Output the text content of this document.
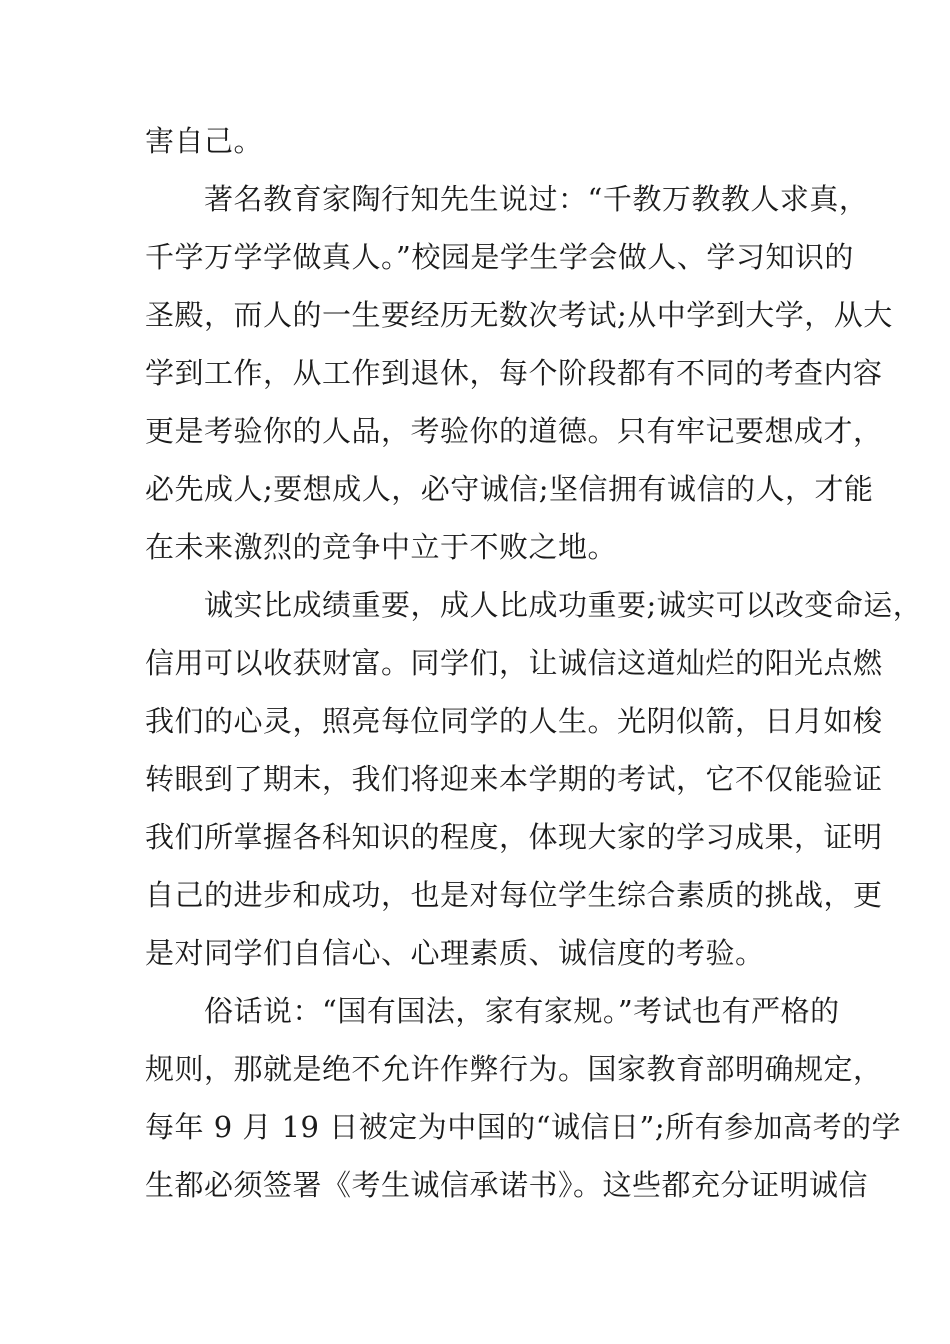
害自己。
　　著名教育家陶行知先生说过：“千教万教教人求真，
千学万学学做真人。”校园是学生学会做人、学习知识的
圣殿，而人的一生要经历无数次考试;从中学到大学，从大
学到工作，从工作到退休，每个阶段都有不同的考查内容
更是考验你的人品，考验你的道德。只有牢记要想成才，
必先成人;要想成人，必守诚信;坚信拥有诚信的人，才能
在未来激烈的竞争中立于不败之地。
　　诚实比成绩重要，成人比成功重要;诚实可以改变命运，
信用可以收获财富。同学们，让诚信这道灿烂的阳光点燃
我们的心灵，照亮每位同学的人生。光阴似箭，日月如梭
转眼到了期末，我们将迎来本学期的考试，它不仅能验证
我们所掌握各科知识的程度，体现大家的学习成果，证明
自己的进步和成功，也是对每位学生综合素质的挑战，更
是对同学们自信心、心理素质、诚信度的考验。
　　俗话说：“国有国法，家有家规。”考试也有严格的
规则，那就是绝不允许作弊行为。国家教育部明确规定，
每年 9 月 19 日被定为中国的“诚信日”;所有参加高考的学
生都必须签署《考生诚信承诺书》。这些都充分证明诚信
